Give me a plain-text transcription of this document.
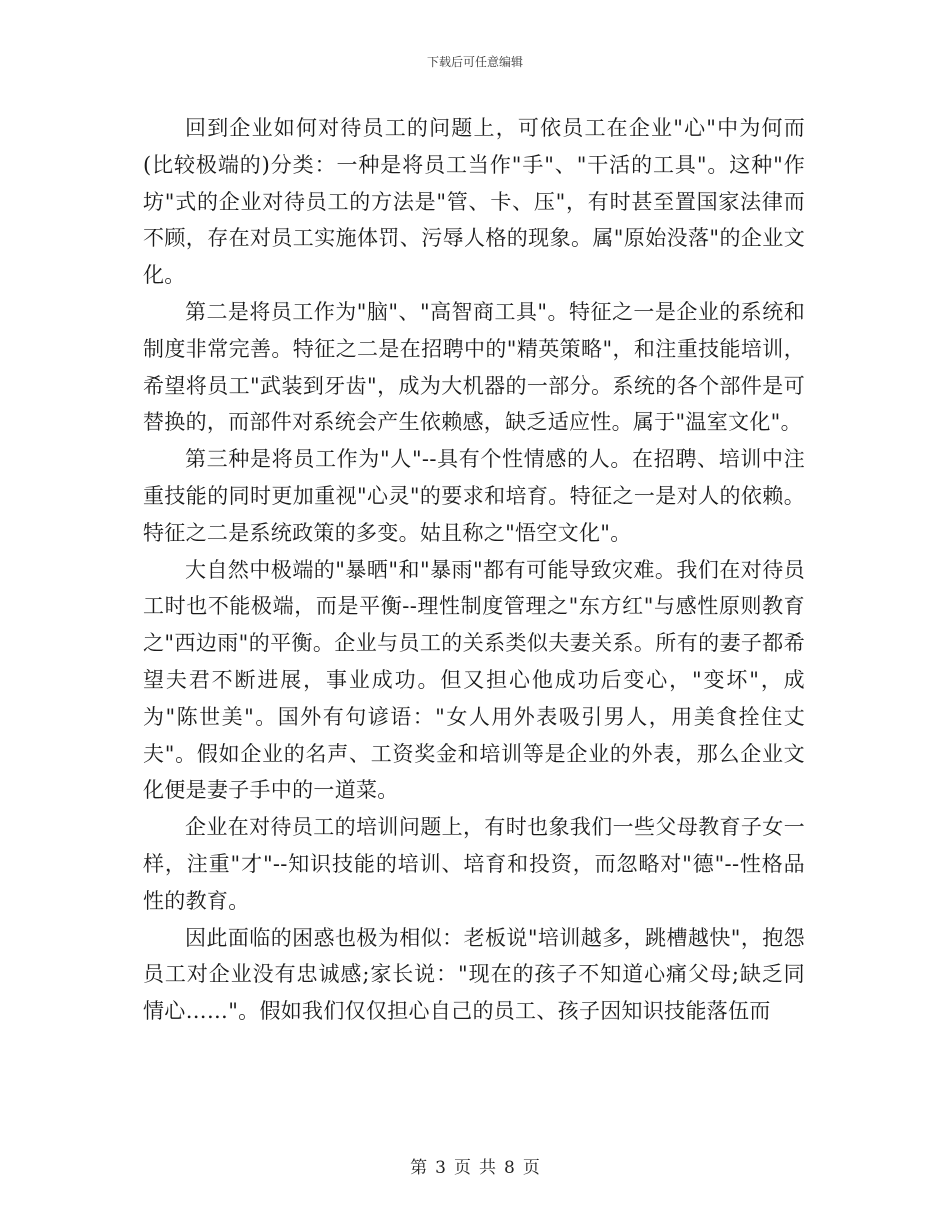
下载后可任意编辑

回到企业如何对待员工的问题上，可依员工在企业"心"中为何而(比较极端的)分类：一种是将员工当作"手"、"干活的工具"。这种"作坊"式的企业对待员工的方法是"管、卡、压"，有时甚至置国家法律而不顾，存在对员工实施体罚、污辱人格的现象。属"原始没落"的企业文化。

第二是将员工作为"脑"、"高智商工具"。特征之一是企业的系统和制度非常完善。特征之二是在招聘中的"精英策略"，和注重技能培训，希望将员工"武装到牙齿"，成为大机器的一部分。系统的各个部件是可替换的，而部件对系统会产生依赖感，缺乏适应性。属于"温室文化"。

第三种是将员工作为"人"--具有个性情感的人。在招聘、培训中注重技能的同时更加重视"心灵"的要求和培育。特征之一是对人的依赖。特征之二是系统政策的多变。姑且称之"悟空文化"。

大自然中极端的"暴晒"和"暴雨"都有可能导致灾难。我们在对待员工时也不能极端，而是平衡--理性制度管理之"东方红"与感性原则教育之"西边雨"的平衡。企业与员工的关系类似夫妻关系。所有的妻子都希望夫君不断进展，事业成功。但又担心他成功后变心，"变坏"，成为"陈世美"。国外有句谚语："女人用外表吸引男人，用美食拴住丈夫"。假如企业的名声、工资奖金和培训等是企业的外表，那么企业文化便是妻子手中的一道菜。

企业在对待员工的培训问题上，有时也象我们一些父母教育子女一样，注重"才"--知识技能的培训、培育和投资，而忽略对"德"--性格品性的教育。

因此面临的困惑也极为相似：老板说"培训越多，跳槽越快"，抱怨员工对企业没有忠诚感;家长说："现在的孩子不知道心痛父母;缺乏同情心……"。假如我们仅仅担心自己的员工、孩子因知识技能落伍而

第 3 页 共 8 页
